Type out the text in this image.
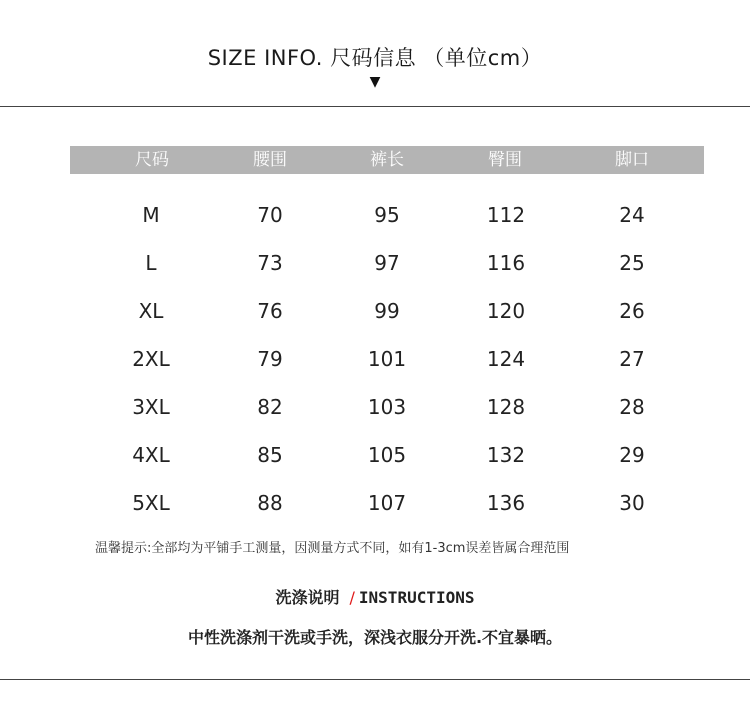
SIZE INFO. 尺码信息 （单位cm）
▼
尺码	腰围	裤长	臀围	脚口
M	70	95	112	24
L	73	97	116	25
XL	76	99	120	26
2XL	79	101	124	27
3XL	82	103	128	28
4XL	85	105	132	29
5XL	88	107	136	30
温馨提示:全部均为平铺手工测量，因测量方式不同，如有1-3cm误差皆属合理范围
洗涤说明 / INSTRUCTIONS
中性洗涤剂干洗或手洗，深浅衣服分开洗.不宜暴晒。
